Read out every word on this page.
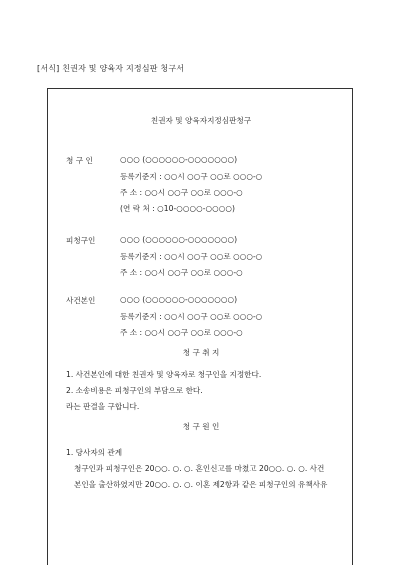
[서식] 친권자 및 양육자 지정심판 청구서
친권자 및 양육자지정심판청구
청 구 인	○○○ (○○○○○○-○○○○○○○)
등록기준지 : ○○시 ○○구 ○○로 ○○○-○
주 소 : ○○시 ○○구 ○○로 ○○○-○
(연 락 처 : ○10-○○○○-○○○○)
피청구인	○○○ (○○○○○○-○○○○○○○)
등록기준지 : ○○시 ○○구 ○○로 ○○○-○
주 소 : ○○시 ○○구 ○○로 ○○○-○
사건본인	○○○ (○○○○○○-○○○○○○○)
등록기준지 : ○○시 ○○구 ○○로 ○○○-○
주 소 : ○○시 ○○구 ○○로 ○○○-○
청 구 취 지
1. 사건본인에 대한 친권자 및 양육자로 청구인을 지정한다.
2. 소송비용은 피청구인의 부담으로 한다.
라는 판결을 구합니다.
청 구 원 인
1. 당사자의 관계
청구인과 피청구인은 20○○. ○. ○. 혼인신고를 마쳤고 20○○. ○. ○. 사건
본인을 출산하였지만 20○○. ○. ○. 이혼 제2항과 같은 피청구인의 유책사유
